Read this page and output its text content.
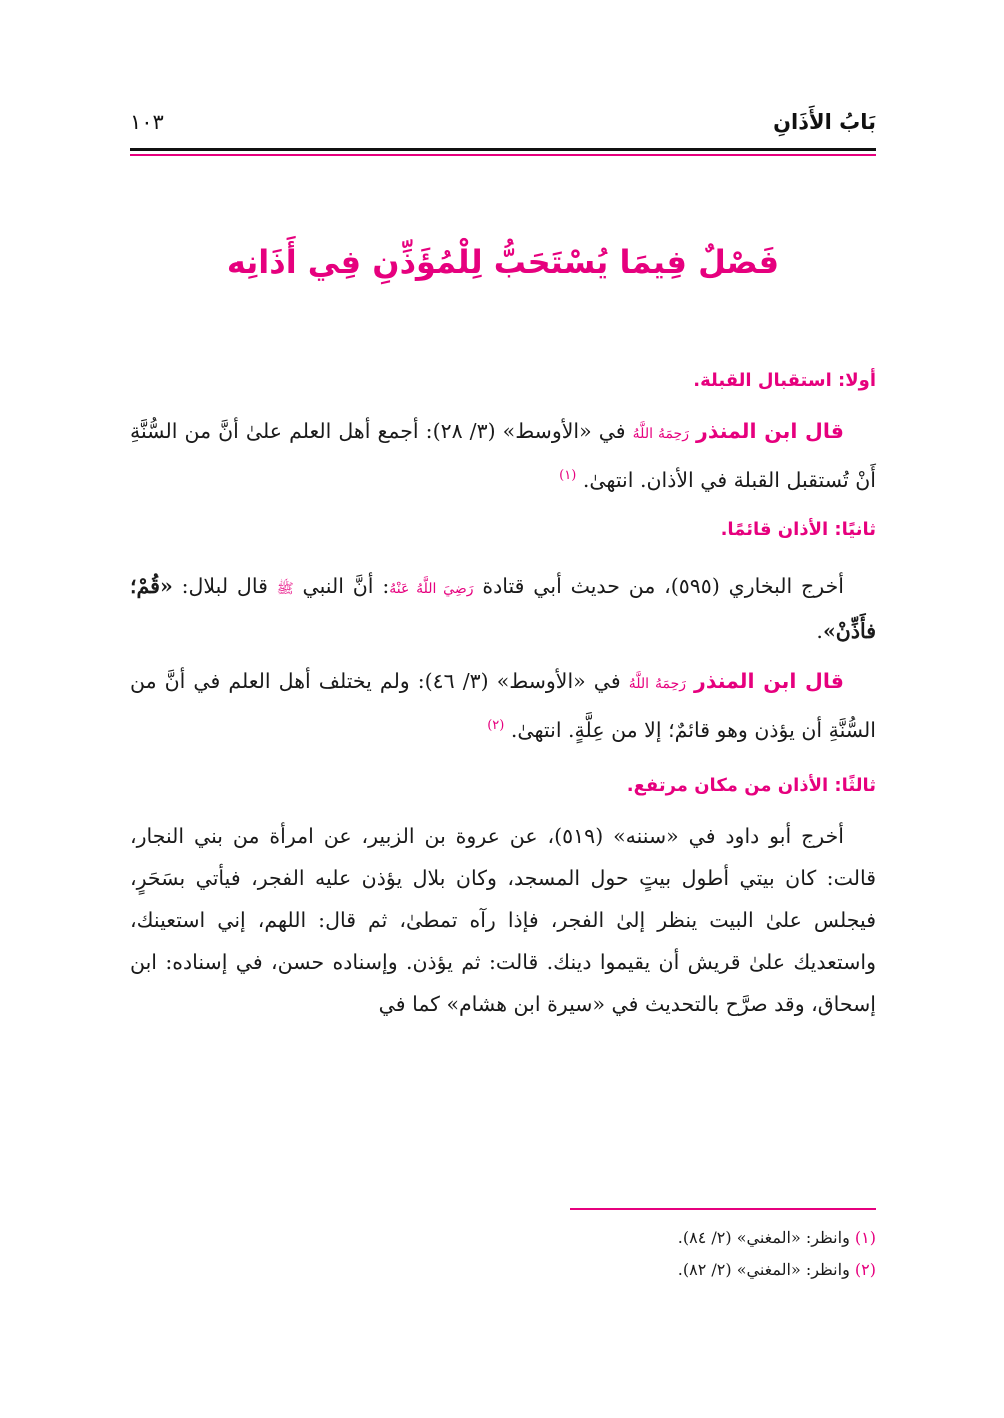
بَابُ الأَذَانِ
١٠٣
فَصْلٌ فِيمَا يُسْتَحَبُّ لِلْمُؤَذِّنِ فِي أَذَانِه

أولا: استقبال القبلة.

قال ابن المنذر رَحِمَهُ اللَّهُ في «الأوسط» (٣/ ٢٨): أجمع أهل العلم علىٰ أنَّ من السُّنَّةِ أَنْ تُستقبل القبلة في الأذان. انتهىٰ. $^{(١)}$

ثانيًا: الأذان قائمًا.

أخرج البخاري (٥٩٥)، من حديث أبي قتادة رَضِيَ اللَّهُ عَنْهُ: أنَّ النبي ﷺ قال لبلال: «قُمْ؛ فأَذِّنْ».

قال ابن المنذر رَحِمَهُ اللَّهُ في «الأوسط» (٣/ ٤٦): ولم يختلف أهل العلم في أنَّ من السُّنَّةِ أن يؤذن وهو قائمٌ؛ إلا من عِلَّةٍ. انتهىٰ. $^{(٢)}$

ثالثًا: الأذان من مكان مرتفع.

أخرج أبو داود في «سننه» (٥١٩)، عن عروة بن الزبير، عن امرأة من بني النجار، قالت: كان بيتي أطول بيتٍ حول المسجد، وكان بلال يؤذن عليه الفجر، فيأتي بسَحَرٍ، فيجلس علىٰ البيت ينظر إلىٰ الفجر، فإذا رآه تمطىٰ، ثم قال: اللهم، إني استعينك، واستعديك علىٰ قريش أن يقيموا دينك. قالت: ثم يؤذن. وإسناده حسن، في إسناده: ابن إسحاق، وقد صرَّح بالتحديث في «سيرة ابن هشام» كما في

(١) وانظر: «المغني» (٢/ ٨٤).
(٢) وانظر: «المغني» (٢/ ٨٢).
